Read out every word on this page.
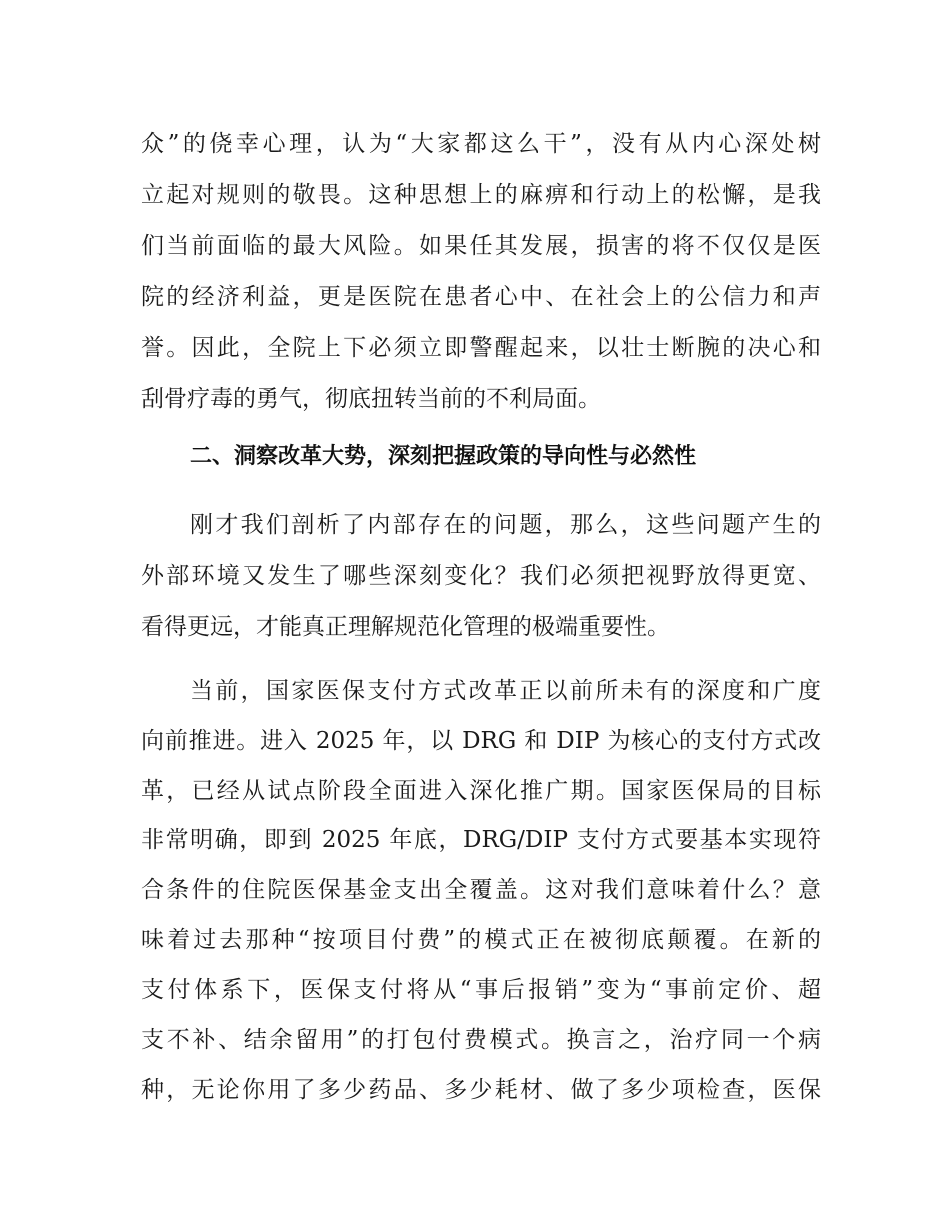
众”的侥幸心理，认为“大家都这么干”，没有从内心深处树
立起对规则的敬畏。这种思想上的麻痹和行动上的松懈，是我
们当前面临的最大风险。如果任其发展，损害的将不仅仅是医
院的经济利益，更是医院在患者心中、在社会上的公信力和声
誉。因此，全院上下必须立即警醒起来，以壮士断腕的决心和
刮骨疗毒的勇气，彻底扭转当前的不利局面。
二、洞察改革大势，深刻把握政策的导向性与必然性
刚才我们剖析了内部存在的问题，那么，这些问题产生的
外部环境又发生了哪些深刻变化？我们必须把视野放得更宽、
看得更远，才能真正理解规范化管理的极端重要性。
当前，国家医保支付方式改革正以前所未有的深度和广度
向前推进。进入 2025 年，以 DRG 和 DIP 为核心的支付方式改
革，已经从试点阶段全面进入深化推广期。国家医保局的目标
非常明确，即到 2025 年底，DRG/DIP 支付方式要基本实现符
合条件的住院医保基金支出全覆盖。这对我们意味着什么？意
味着过去那种“按项目付费”的模式正在被彻底颠覆。在新的
支付体系下，医保支付将从“事后报销”变为“事前定价、超
支不补、结余留用”的打包付费模式。换言之，治疗同一个病
种，无论你用了多少药品、多少耗材、做了多少项检查，医保
